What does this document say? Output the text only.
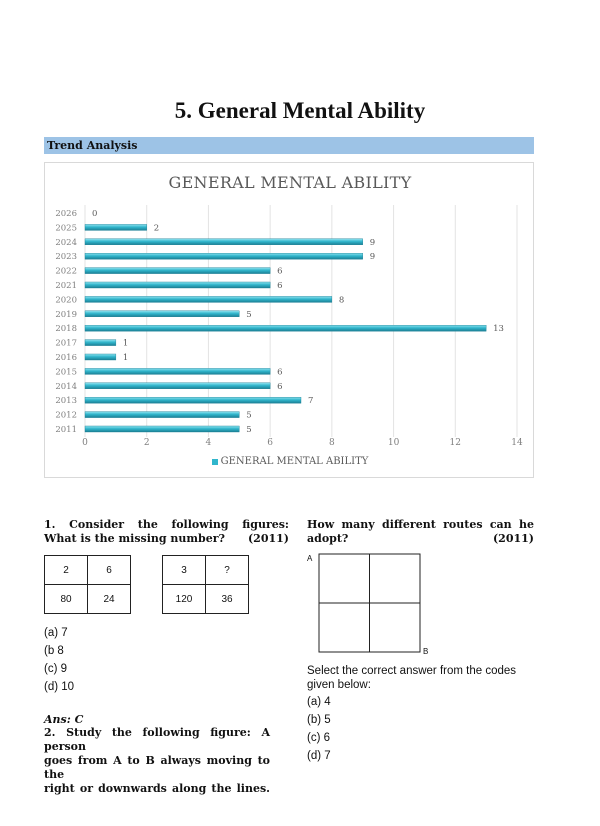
5. General Mental Ability
Trend Analysis
GENERAL MENTAL ABILITY
0	2	4	6	8	10	12	14
2011	5
2012	5
2013	7
2014	6
2015	6
2016	1
2017	1
2018	13
2019	5
2020	8
2021	6
2022	6
2023	9
2024	9
2025	2
2026 0
GENERAL MENTAL ABILITY

1. Consider the following figures:

What is the missing number? (2011)
2	6
80	24
3	?
120	36
(a) 7
(b 8
(c) 9
(d) 10
Ans: C

2. Study the following figure: A person

goes from A to B always moving to the

right or downwards along the lines.

How many different routes can he

adopt?	(2011)
A
B
Select the correct answer from the codes given below:
(a) 4
(b) 5
(c) 6
(d) 7
